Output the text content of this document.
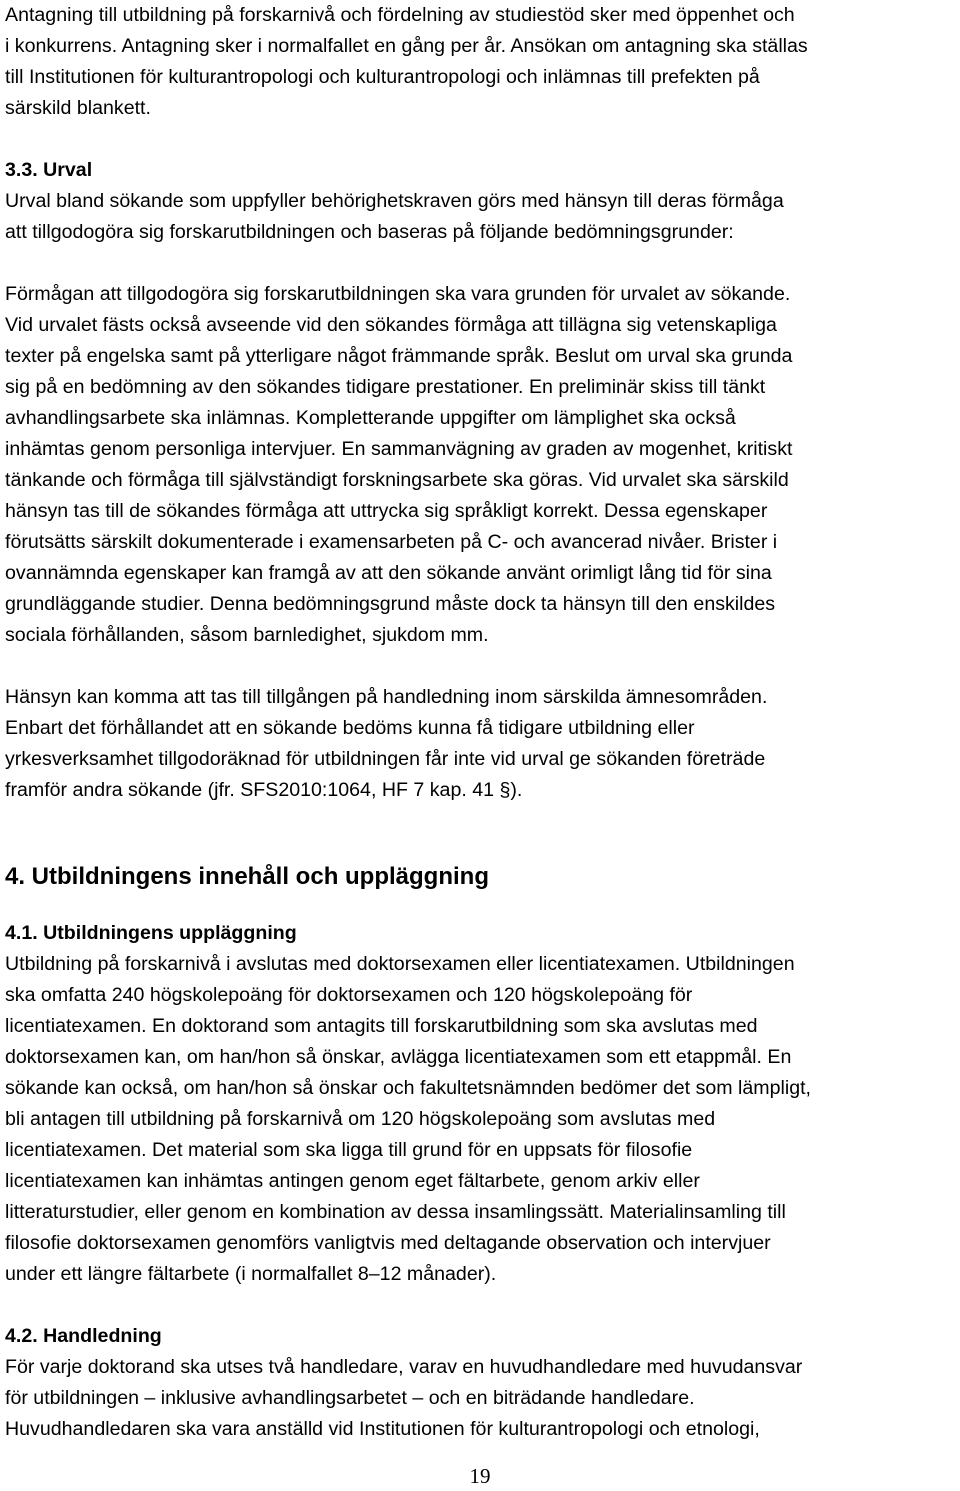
Antagning till utbildning på forskarnivå och fördelning av studiestöd sker med öppenhet och
i konkurrens. Antagning sker i normalfallet en gång per år. Ansökan om antagning ska ställas
till Institutionen för kulturantropologi och kulturantropologi och inlämnas till prefekten på
särskild blankett.

3.3. Urval
Urval bland sökande som uppfyller behörighetskraven görs med hänsyn till deras förmåga
att tillgodogöra sig forskarutbildningen och baseras på följande bedömningsgrunder:

Förmågan att tillgodogöra sig forskarutbildningen ska vara grunden för urvalet av sökande.
Vid urvalet fästs också avseende vid den sökandes förmåga att tillägna sig vetenskapliga
texter på engelska samt på ytterligare något främmande språk. Beslut om urval ska grunda
sig på en bedömning av den sökandes tidigare prestationer. En preliminär skiss till tänkt
avhandlingsarbete ska inlämnas. Kompletterande uppgifter om lämplighet ska också
inhämtas genom personliga intervjuer. En sammanvägning av graden av mogenhet, kritiskt
tänkande och förmåga till självständigt forskningsarbete ska göras. Vid urvalet ska särskild
hänsyn tas till de sökandes förmåga att uttrycka sig språkligt korrekt. Dessa egenskaper
förutsätts särskilt dokumenterade i examensarbeten på C- och avancerad nivåer. Brister i
ovannämnda egenskaper kan framgå av att den sökande använt orimligt lång tid för sina
grundläggande studier. Denna bedömningsgrund måste dock ta hänsyn till den enskildes
sociala förhållanden, såsom barnledighet, sjukdom mm.

Hänsyn kan komma att tas till tillgången på handledning inom särskilda ämnesområden.
Enbart det förhållandet att en sökande bedöms kunna få tidigare utbildning eller
yrkesverksamhet tillgodoräknad för utbildningen får inte vid urval ge sökanden företräde
framför andra sökande (jfr. SFS2010:1064, HF 7 kap. 41 §).

4. Utbildningens innehåll och uppläggning

4.1. Utbildningens uppläggning
Utbildning på forskarnivå i avslutas med doktorsexamen eller licentiatexamen. Utbildningen
ska omfatta 240 högskolepoäng för doktorsexamen och 120 högskolepoäng för
licentiatexamen. En doktorand som antagits till forskarutbildning som ska avslutas med
doktorsexamen kan, om han/hon så önskar, avlägga licentiatexamen som ett etappmål. En
sökande kan också, om han/hon så önskar och fakultetsnämnden bedömer det som lämpligt,
bli antagen till utbildning på forskarnivå om 120 högskolepoäng som avslutas med
licentiatexamen. Det material som ska ligga till grund för en uppsats för filosofie
licentiatexamen kan inhämtas antingen genom eget fältarbete, genom arkiv eller
litteraturstudier, eller genom en kombination av dessa insamlingssätt. Materialinsamling till
filosofie doktorsexamen genomförs vanligtvis med deltagande observation och intervjuer
under ett längre fältarbete (i normalfallet 8–12 månader).

4.2. Handledning
För varje doktorand ska utses två handledare, varav en huvudhandledare med huvudansvar
för utbildningen – inklusive avhandlingsarbetet – och en biträdande handledare.
Huvudhandledaren ska vara anställd vid Institutionen för kulturantropologi och etnologi,

19
